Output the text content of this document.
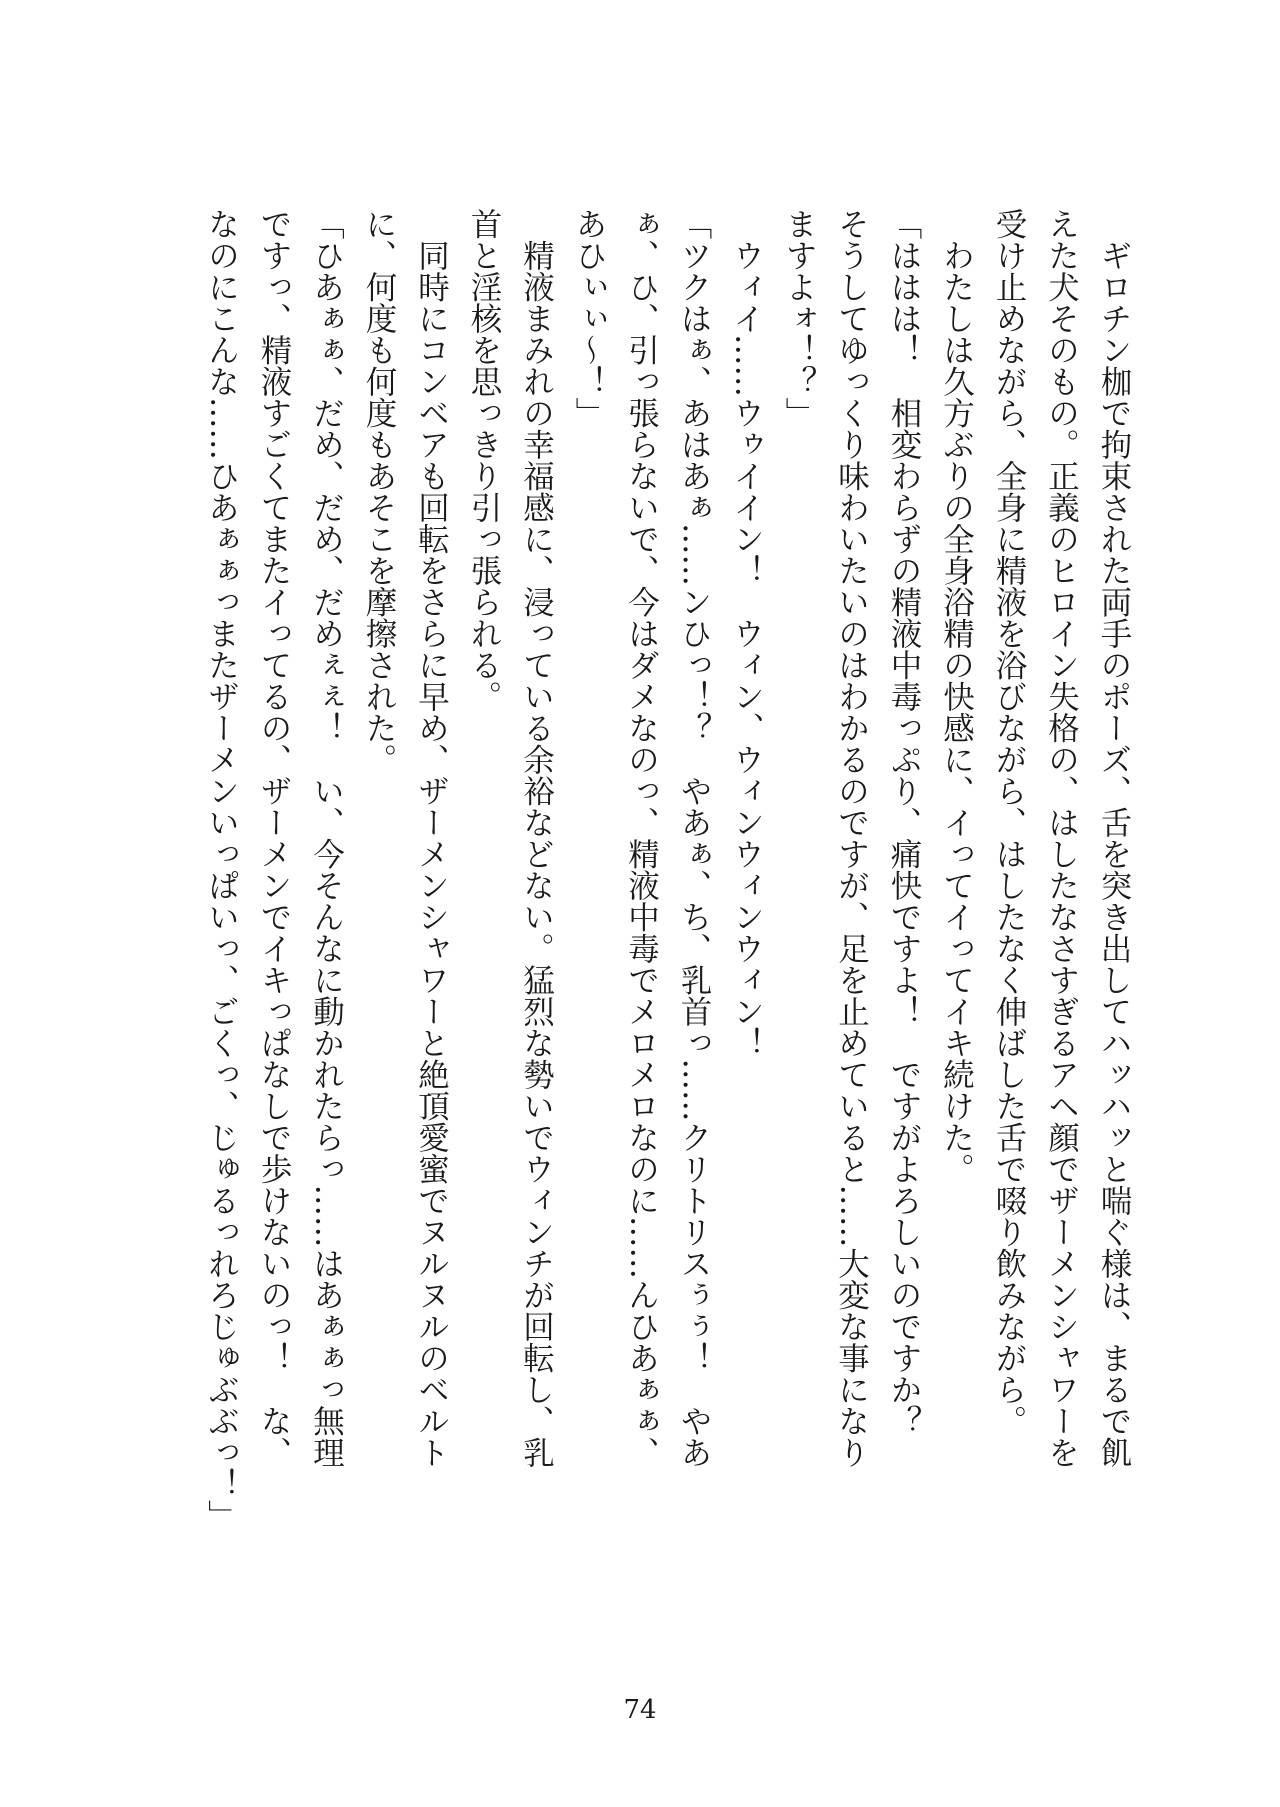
　ギロチン枷で拘束された両手のポーズ、舌を突き出してハッハッと喘ぐ様は、まるで飢
えた犬そのもの。正義のヒロイン失格の、はしたなさすぎるアヘ顔でザーメンシャワーを
受け止めながら、全身に精液を浴びながら、はしたなく伸ばした舌で啜り飲みながら。
　わたしは久方ぶりの全身浴精の快感に、イってイってイキ続けた。
「ははは！　相変わらずの精液中毒っぷり、痛快ですよ！　ですがよろしいのですか？
そうしてゆっくり味わいたいのはわかるのですが、足を止めていると……大変な事になり
ますよォ！？」
　ウィイ……ウゥイイン！　ウィン、ウィンウィンウィン！
「ツクはぁ、あはあぁ……ンひっ！？　やあぁ、ち、乳首っ……クリトリスぅぅ！　やあ
ぁ、ひ、引っ張らないで、今はダメなのっ、精液中毒でメロメロなのに……んひあぁぁ、
あひぃぃ〜！」
　精液まみれの幸福感に、浸っている余裕などない。猛烈な勢いでウィンチが回転し、乳
首と淫核を思っきり引っ張られる。
　同時にコンベアも回転をさらに早め、ザーメンシャワーと絶頂愛蜜でヌルヌルのベルト
に、何度も何度もあそこを摩擦された。
「ひあぁぁ、だめ、だめ、だめぇぇ！　い、今そんなに動かれたらっ……はあぁぁっ無理
ですっ、精液すごくてまたイってるの、ザーメンでイキっぱなしで歩けないのっ！　な、
なのにこんな……ひあぁぁっまたザーメンいっぱいっ、ごくっ、じゅるっれろじゅぶぶっ！」
74
